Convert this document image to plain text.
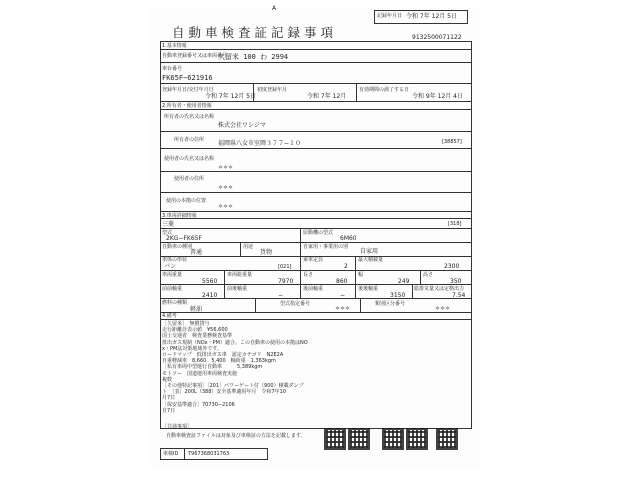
A
自動車検査証記録事項
記録年月日 令和 7年 12月 5日
9132500071122
1.基本情報
自動車登録番号又は車両番号
久留米 100 わ 2994
車台番号
FK65F−621916
登録年月日/交付年月日
令和 7年 12月 5日
初度登録年月
令和 7年 12月
有効期間の満了する日
令和 9年 12月 4日
2.所有者・使用者情報
所有者の氏名又は名称
株式会社ワシジマ
所有者の住所 福岡県八女市室岡３７７−１０	[38857]
使用者の氏名又は名称
＊＊＊
使用者の住所
＊＊＊
使用の本拠の位置
＊＊＊
3.車両詳細情報
三菱	[318]
型式
2KG−FK65F
原動機の型式
6M60
自動車の種別
普通
用途
貨物
自家用・事業用の別
自家用
車体の形状
バン	[021]
乗車定員
2
最大積載量
2300
車両重量
5560
車両総重量
7970
長さ
860
幅
249
高さ
350
前前軸重
2410
前後軸重
−
後前軸重
−
後後軸重
3150
総排気量又は定格出力
7.54
燃料の種類
軽油
型式指定番号
＊＊＊
類別区分番号
＊＊＊
4.備考
［久留米］　無償貸与
走行距離計表示値　¥56,600
国土交通省　検査業務検査基準
排出ガス規制（NOx・PM）適合。この自動車の使用の本拠はNO
x・PM法対策地域外です。
ロードマップ　低排出ガス車　認定カテゴリ　N2E2A
自重軽減車　8,660　5,400　軸荷重　1,363kgm
［私有車両中型運行自動車　　　5,389kgm
モトツー　国道運用車両検査実施
複数
［その他特記事項］［201］パワーゲート付（900）積載ダンプ
ト　［表］200L（388）安全基準適用年月　令和7年10
月7日
［保安基準適合］70730−2106
自7日
［共通事項］
自動車検査証ファイルは対象及び車検証の方法を記載します。
車検ID T967368031763
